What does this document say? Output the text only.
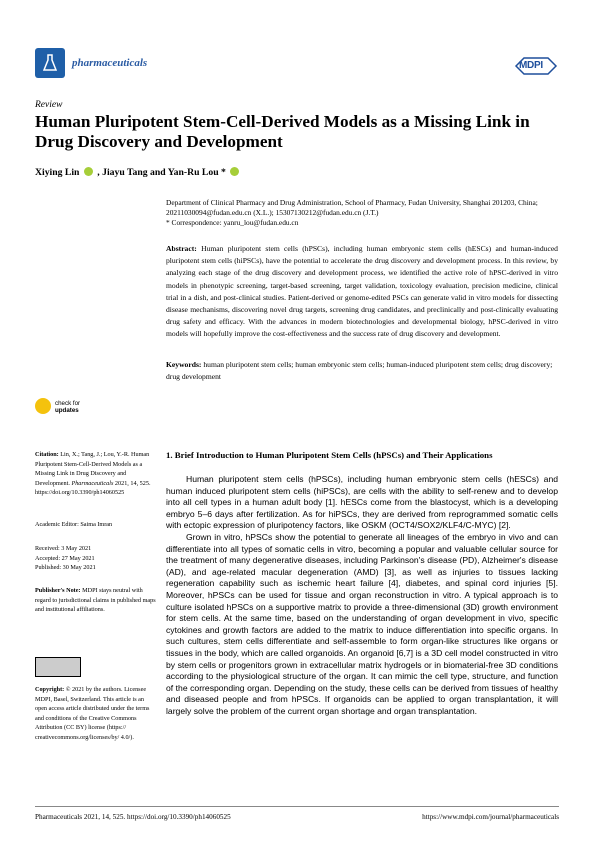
pharmaceuticals	MDPI
Review
Human Pluripotent Stem-Cell-Derived Models as a Missing Link in Drug Discovery and Development
Xiying Lin , Jiayu Tang and Yan-Ru Lou *
Department of Clinical Pharmacy and Drug Administration, School of Pharmacy, Fudan University, Shanghai 201203, China; 20211030094@fudan.edu.cn (X.L.); 15307130212@fudan.edu.cn (J.T.)
* Correspondence: yanru_lou@fudan.edu.cn
Abstract: Human pluripotent stem cells (hPSCs), including human embryonic stem cells (hESCs) and human-induced pluripotent stem cells (hiPSCs), have the potential to accelerate the drug discovery and development process. In this review, by analyzing each stage of the drug discovery and development process, we identified the active role of hPSC-derived in vitro models in phenotypic screening, target-based screening, target validation, toxicology evaluation, precision medicine, clinical trial in a dish, and post-clinical studies. Patient-derived or genome-edited PSCs can generate valid in vitro models for dissecting disease mechanisms, discovering novel drug targets, screening drug candidates, and preclinically and post-clinically evaluating drug safety and efficacy. With the advances in modern biotechnologies and developmental biology, hPSC-derived in vitro models will hopefully improve the cost-effectiveness and the success rate of drug discovery and development.
Keywords: human pluripotent stem cells; human embryonic stem cells; human-induced pluripotent stem cells; drug discovery; drug development
check for
updates
Citation: Lin, X.; Tang, J.; Lou, Y.-R. Human Pluripotent Stem-Cell-Derived Models as a Missing Link in Drug Discovery and Development. Pharmaceuticals 2021, 14, 525. https://doi.org/10.3390/ph14060525
Academic Editor: Saima Imran
Received: 3 May 2021
Accepted: 27 May 2021
Published: 30 May 2021
Publisher's Note: MDPI stays neutral with regard to jurisdictional claims in published maps and institutional affiliations.
Copyright: © 2021 by the authors. Licensee MDPI, Basel, Switzerland. This article is an open access article distributed under the terms and conditions of the Creative Commons Attribution (CC BY) license (https:// creativecommons.org/licenses/by/ 4.0/).
1. Brief Introduction to Human Pluripotent Stem Cells (hPSCs) and Their Applications

Human pluripotent stem cells (hPSCs), including human embryonic stem cells (hESCs) and human induced pluripotent stem cells (hiPSCs), are cells with the ability to self-renew and to develop into all cell types in a human adult body [1]. hESCs come from the blastocyst, which is a developing embryo 5–6 days after fertilization. As for hiPSCs, they are derived from reprogrammed somatic cells with ectopic expression of pluripotency factors, like OSKM (OCT4/SOX2/KLF4/C-MYC) [2].

Grown in vitro, hPSCs show the potential to generate all lineages of the embryo in vivo and can differentiate into all types of somatic cells in vitro, becoming a popular and valuable cellular source for the treatment of many degenerative diseases, including Parkinson's disease (PD), Alzheimer's disease (AD), and age-related macular degeneration (AMD) [3], as well as injuries to tissues lacking regeneration capability such as ischemic heart failure [4], diabetes, and spinal cord injuries [5]. Moreover, hPSCs can be used for tissue and organ reconstruction in vitro. A typical approach is to culture isolated hPSCs on a supportive matrix to provide a three-dimensional (3D) growth environment for stem cells. At the same time, based on the understanding of organ development in vivo, specific cytokines and growth factors are added to the matrix to induce differentiation into specific organs. In such cultures, stem cells differentiate and self-assemble to form organ-like structures like organs or tissues in the body, which are called organoids. An organoid [6,7] is a 3D cell model constructed in vitro by stem cells or progenitors grown in extracellular matrix hydrogels or in biomaterial-free 3D conditions according to the physiological structure of the organ. It can mimic the cell type, structure, and function of the corresponding organ. Depending on the study, these cells can be derived from tissues of healthy and diseased people and from hPSCs. If organoids can be applied to organ transplantation, it will largely solve the problem of the current organ shortage and organ transplantation.

Pharmaceuticals 2021, 14, 525. https://doi.org/10.3390/ph14060525	https://www.mdpi.com/journal/pharmaceuticals
